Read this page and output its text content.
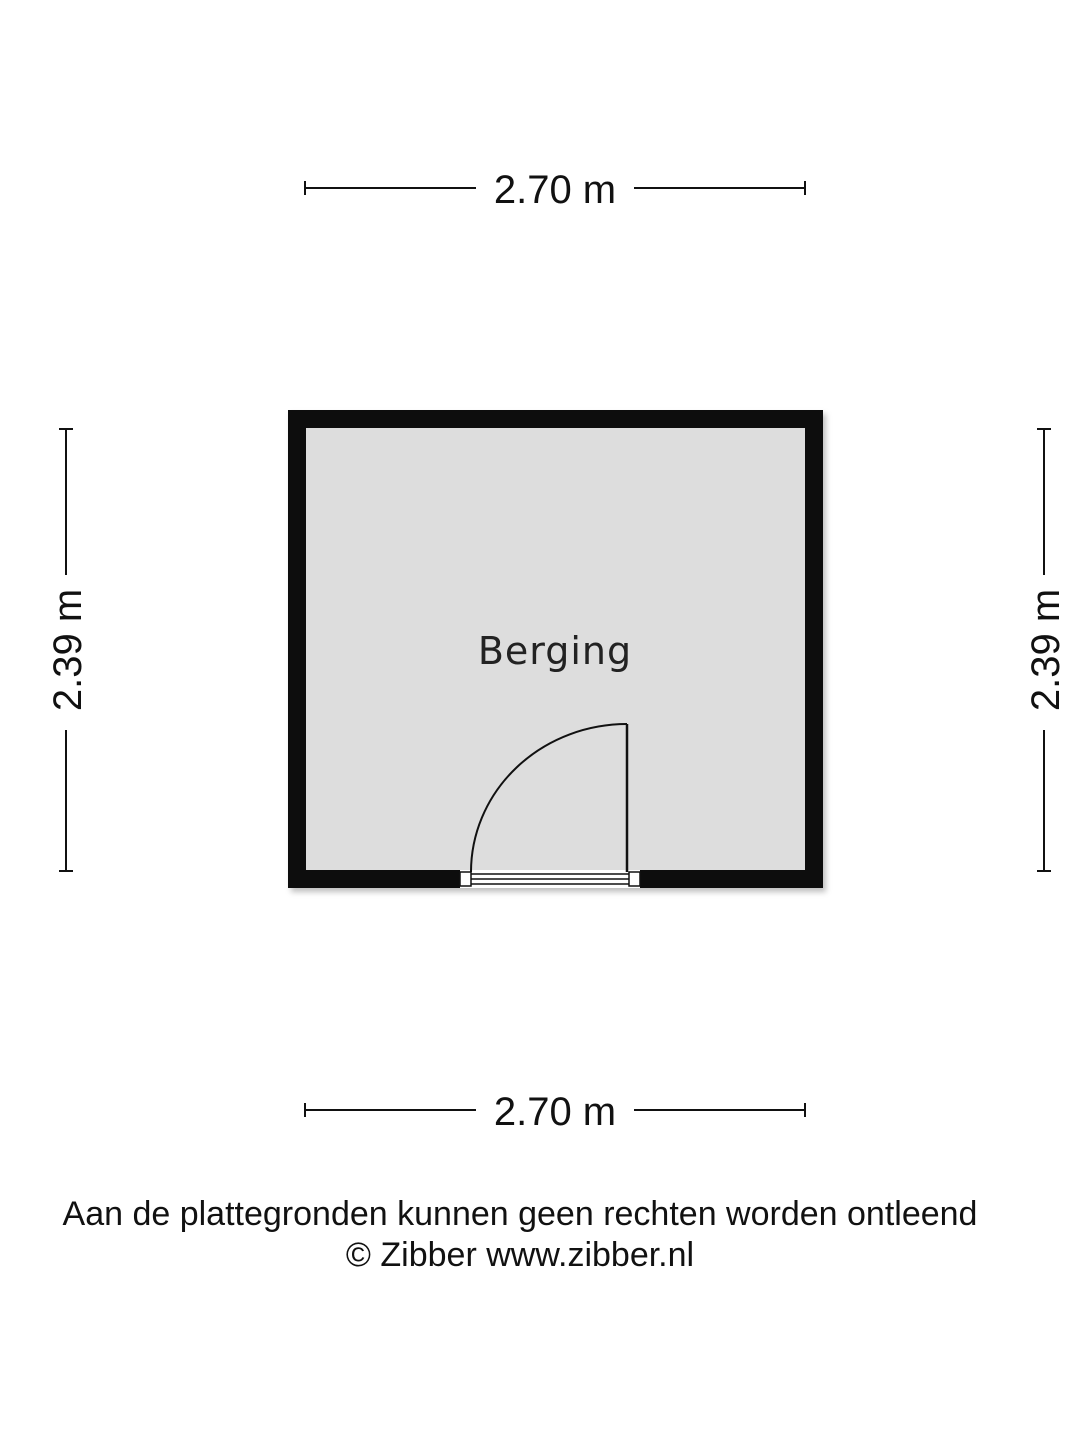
2.70 m
2.70 m
2.39 m	2.39 m
Berging
Aan de plattegronden kunnen geen rechten worden ontleend
© Zibber www.zibber.nl
